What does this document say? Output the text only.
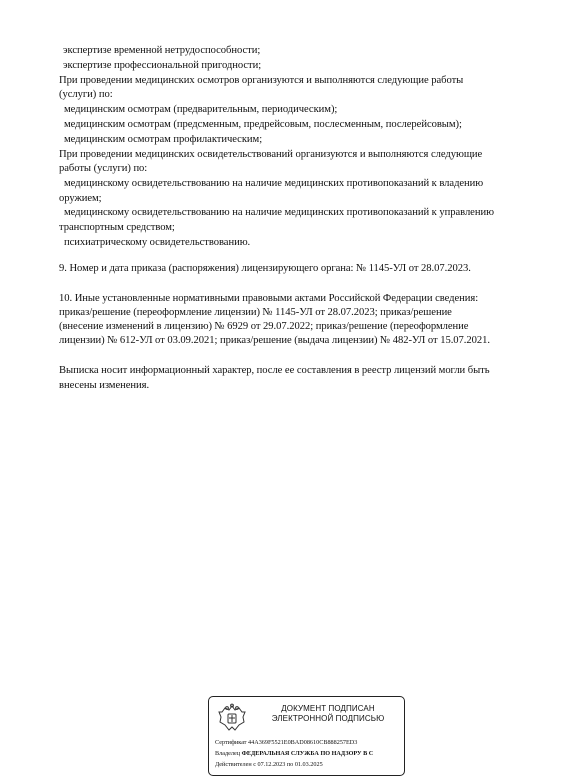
экспертизе временной нетрудоспособности;
экспертизе профессиональной пригодности;
При проведении медицинских осмотров организуются и выполняются следующие работы
(услуги) по:
медицинским осмотрам (предварительным, периодическим);
медицинским осмотрам (предсменным, предрейсовым, послесменным, послерейсовым);
медицинским осмотрам профилактическим;
При проведении медицинских освидетельствований организуются и выполняются следующие
работы (услуги) по:
медицинскому освидетельствованию на наличие медицинских противопоказаний к владению
оружием;
медицинскому освидетельствованию на наличие медицинских противопоказаний к управлению
транспортным средством;
психиатрическому освидетельствованию.
9. Номер и дата приказа (распоряжения) лицензирующего органа: № 1145-УЛ от 28.07.2023.
10. Иные установленные нормативными правовыми актами Российской Федерации сведения:
приказ/решение (переоформление лицензии) № 1145-УЛ от 28.07.2023; приказ/решение
(внесение изменений в лицензию) № 6929 от 29.07.2022; приказ/решение (переоформление
лицензии) № 612-УЛ от 03.09.2021; приказ/решение (выдача лицензии) № 482-УЛ от 15.07.2021.
Выписка носит информационный характер, после ее составления в реестр лицензий могли быть
внесены изменения.
ДОКУМЕНТ ПОДПИСАН
ЭЛЕКТРОННОЙ ПОДПИСЬЮ
Сертификат 44A369F5521E0BAD08610CB888257ED3
Владелец ФЕДЕРАЛЬНАЯ СЛУЖБА ПО НАДЗОРУ В С
Действителен с 07.12.2023 по 01.03.2025
